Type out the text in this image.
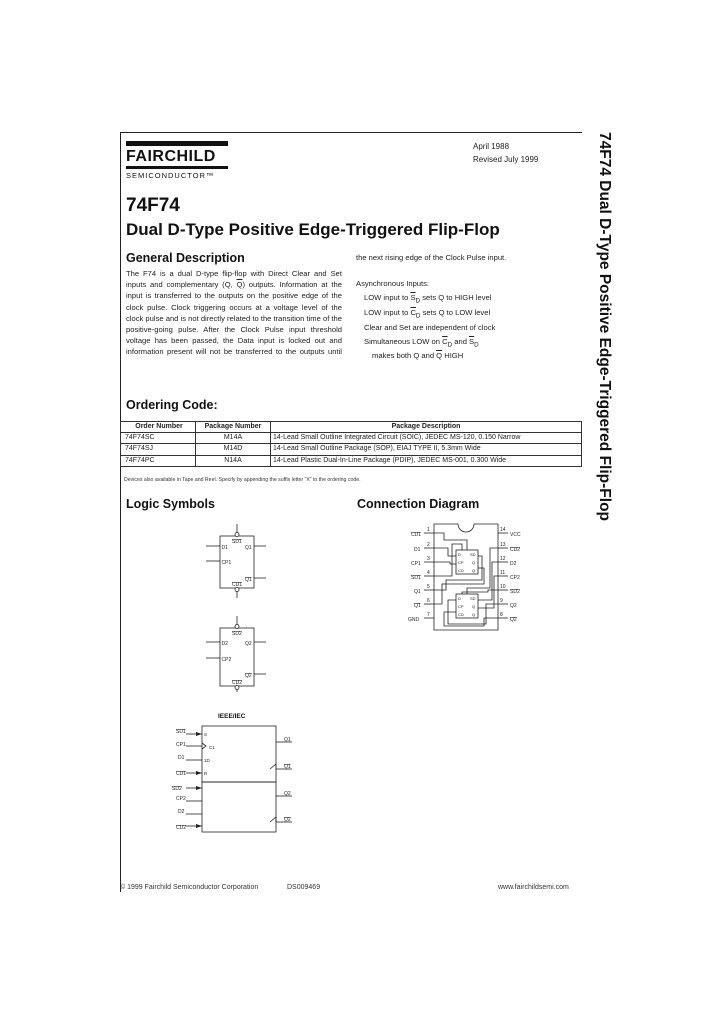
FAIRCHILD
SEMICONDUCTOR™
April 1988
Revised July 1999	74F74 Dual D-Type Positive Edge-Triggered Flip-Flop
74F74
Dual D-Type Positive Edge-Triggered Flip-Flop
General Description
The F74 is a dual D-type flip-flop with Direct Clear and Set inputs and complementary (Q, $\overline{Q}$) outputs. Information at the input is transferred to the outputs on the positive edge of the clock pulse. Clock triggering occurs at a voltage level of the clock pulse and is not directly related to the transition time of the positive-going pulse. After the Clock Pulse input threshold voltage has been passed, the Data input is locked out and information present will not be transferred to the outputs until
the next rising edge of the Clock Pulse input.
Asynchronous Inputs:
LOW input to $\overline{S}_D$ sets Q to HIGH level
LOW input to $\overline{C}_D$ sets Q to LOW level
Clear and Set are independent of clock
Simultaneous LOW on $\overline{C}_D$ and $\overline{S}_D$
makes both Q and $\overline{Q}$ HIGH
Ordering Code:
Order Number	Package Number	Package Description
74F74SC	M14A	14-Lead Small Outline Integrated Circuit (SOIC), JEDEC MS-120, 0.150 Narrow
74F74SJ	M14D	14-Lead Small Outline Package (SOP), EIAJ TYPE II, 5.3mm Wide
74F74PC	N14A	14-Lead Plastic Dual-In-Line Package (PDIP), JEDEC MS-001, 0.300 Wide
Devices also available in Tape and Reel. Specify by appending the suffix letter “X” to the ordering code.
Logic Symbols	Connection Diagram
D1
CP1
Q1
Q1
SD1
CD1
D2
CP2
Q2
Q2
SD2
CD2
IEEE/IEC
SD1
CP1
D1
CD1
SD2
CP2
D2
CD2
Q1
Q1
Q2
Q2
S
C1
1D
R
D SD
CP Q
CD Q
D SD
CP Q
CD Q
1
2
3
4
5
6
7
CD1
D1
CP1
SD1
Q1
Q1
GND
14
13
12
11
10
9
8
VCC
CD2
D2
CP2
SD2
Q2
Q2
© 1999 Fairchild Semiconductor Corporation	DS009469	www.fairchildsemi.com
